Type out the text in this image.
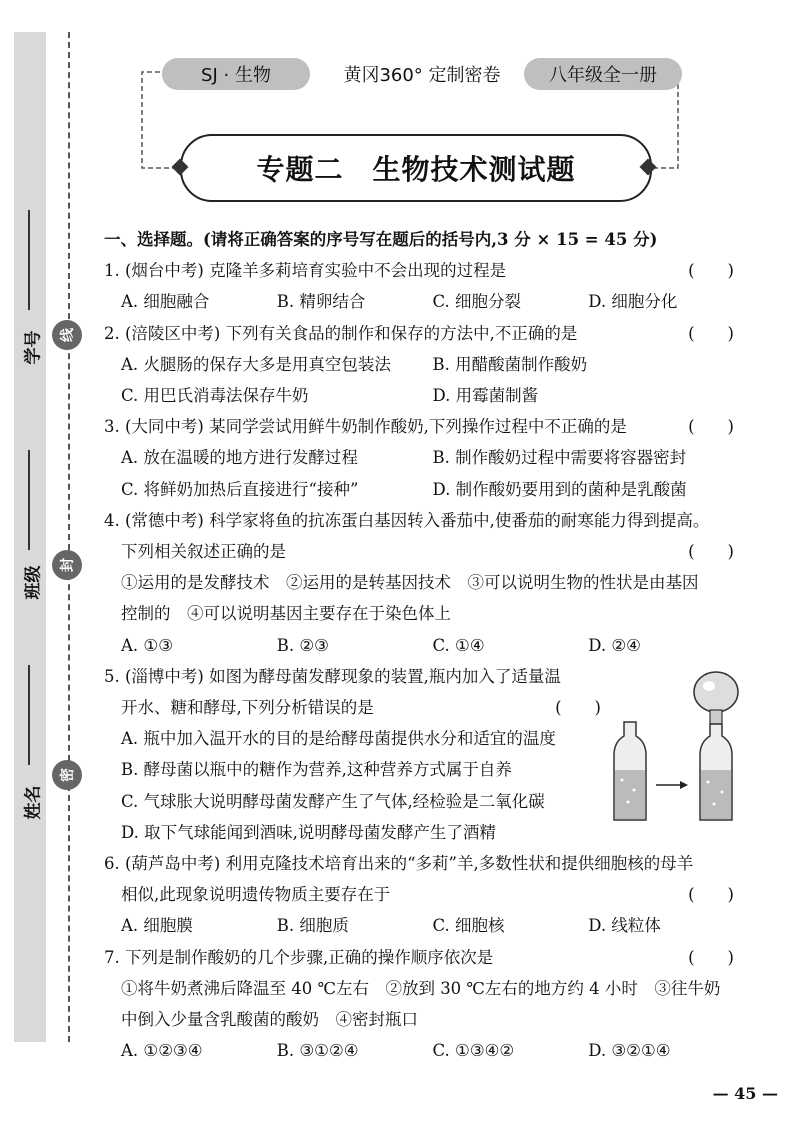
学号
班级
姓名
线
封
密
SJ · 生物	黄冈360° 定制密卷	八年级全一册
专题二　生物技术测试题
一、选择题。(请将正确答案的序号写在题后的括号内,3 分 × 15 = 45 分)
1. (烟台中考) 克隆羊多莉培育实验中不会出现的过程是	(　　)
A. 细胞融合	B. 精卵结合	C. 细胞分裂	D. 细胞分化
2. (涪陵区中考) 下列有关食品的制作和保存的方法中,不正确的是	(　　)
A. 火腿肠的保存大多是用真空包装法	B. 用醋酸菌制作酸奶
C. 用巴氏消毒法保存牛奶	D. 用霉菌制酱
3. (大同中考) 某同学尝试用鲜牛奶制作酸奶,下列操作过程中不正确的是	(　　)
A. 放在温暖的地方进行发酵过程	B. 制作酸奶过程中需要将容器密封
C. 将鲜奶加热后直接进行“接种”	D. 制作酸奶要用到的菌种是乳酸菌
4. (常德中考) 科学家将鱼的抗冻蛋白基因转入番茄中,使番茄的耐寒能力得到提高。
下列相关叙述正确的是	(　　)
①运用的是发酵技术　②运用的是转基因技术　③可以说明生物的性状是由基因
控制的　④可以说明基因主要存在于染色体上
A. ①③	B. ②③	C. ①④	D. ②④
5. (淄博中考) 如图为酵母菌发酵现象的装置,瓶内加入了适量温
开水、糖和酵母,下列分析错误的是	(　　)
A. 瓶中加入温开水的目的是给酵母菌提供水分和适宜的温度
B. 酵母菌以瓶中的糖作为营养,这种营养方式属于自养
C. 气球胀大说明酵母菌发酵产生了气体,经检验是二氧化碳
D. 取下气球能闻到酒味,说明酵母菌发酵产生了酒精
6. (葫芦岛中考) 利用克隆技术培育出来的“多莉”羊,多数性状和提供细胞核的母羊
相似,此现象说明遗传物质主要存在于	(　　)
A. 细胞膜	B. 细胞质	C. 细胞核	D. 线粒体
7. 下列是制作酸奶的几个步骤,正确的操作顺序依次是	(　　)
①将牛奶煮沸后降温至 40 ℃左右　②放到 30 ℃左右的地方约 4 小时　③往牛奶
中倒入少量含乳酸菌的酸奶　④密封瓶口
A. ①②③④	B. ③①②④	C. ①③④②	D. ③②①④
— 45 —
